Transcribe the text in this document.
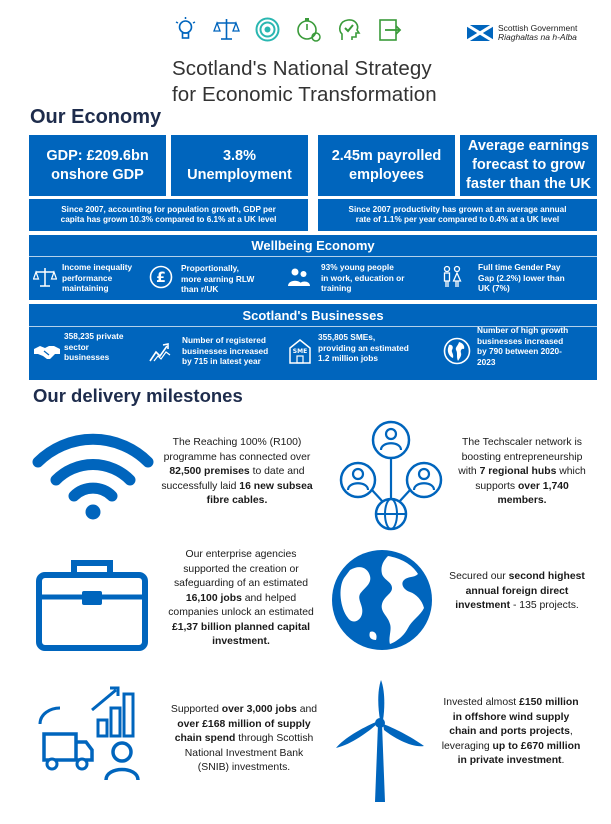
Scottish Government
Riaghaltas na h-Alba
Scotland's National Strategy
for Economic Transformation
Our Economy
GDP: £209.6bn
onshore GDP
3.8%
Unemployment
2.45m payrolled
employees
Average earnings
forecast to grow
faster than the UK
Since 2007, accounting for population growth, GDP per
capita has grown 10.3% compared to 6.1% at a UK level
Since 2007 productivity has grown at an average annual
rate of 1.1% per year compared to 0.4% at a UK level
Wellbeing Economy
Income inequality
performance
maintaining
£
Proportionally,
more earning RLW
than r/UK
93% young people
in work, education or
training
Full time Gender Pay
Gap (2.2%) lower than
UK (7%)
Scotland's Businesses
358,235 private
sector
businesses
Number of registered
businesses increased
by 715 in latest year
SME
355,805 SMEs,
providing an estimated
1.2 million jobs
Number of high growth
businesses increased
by 790 between 2020-
2023
Our delivery milestones
The Reaching 100% (R100)
programme has connected over
82,500 premises to date and
successfully laid 16 new subsea
fibre cables.
The Techscaler network is
boosting entrepreneurship
with 7 regional hubs which
supports over 1,740
members.
Our enterprise agencies
supported the creation or
safeguarding of an estimated
16,100 jobs and helped
companies unlock an estimated
£1,37 billion planned capital
investment.
Secured our second highest
annual foreign direct
investment - 135 projects.
Supported over 3,000 jobs and
over £168 million of supply
chain spend through Scottish
National Investment Bank
(SNIB) investments.
Invested almost £150 million
in offshore wind supply
chain and ports projects,
leveraging up to £670 million
in private investment.
